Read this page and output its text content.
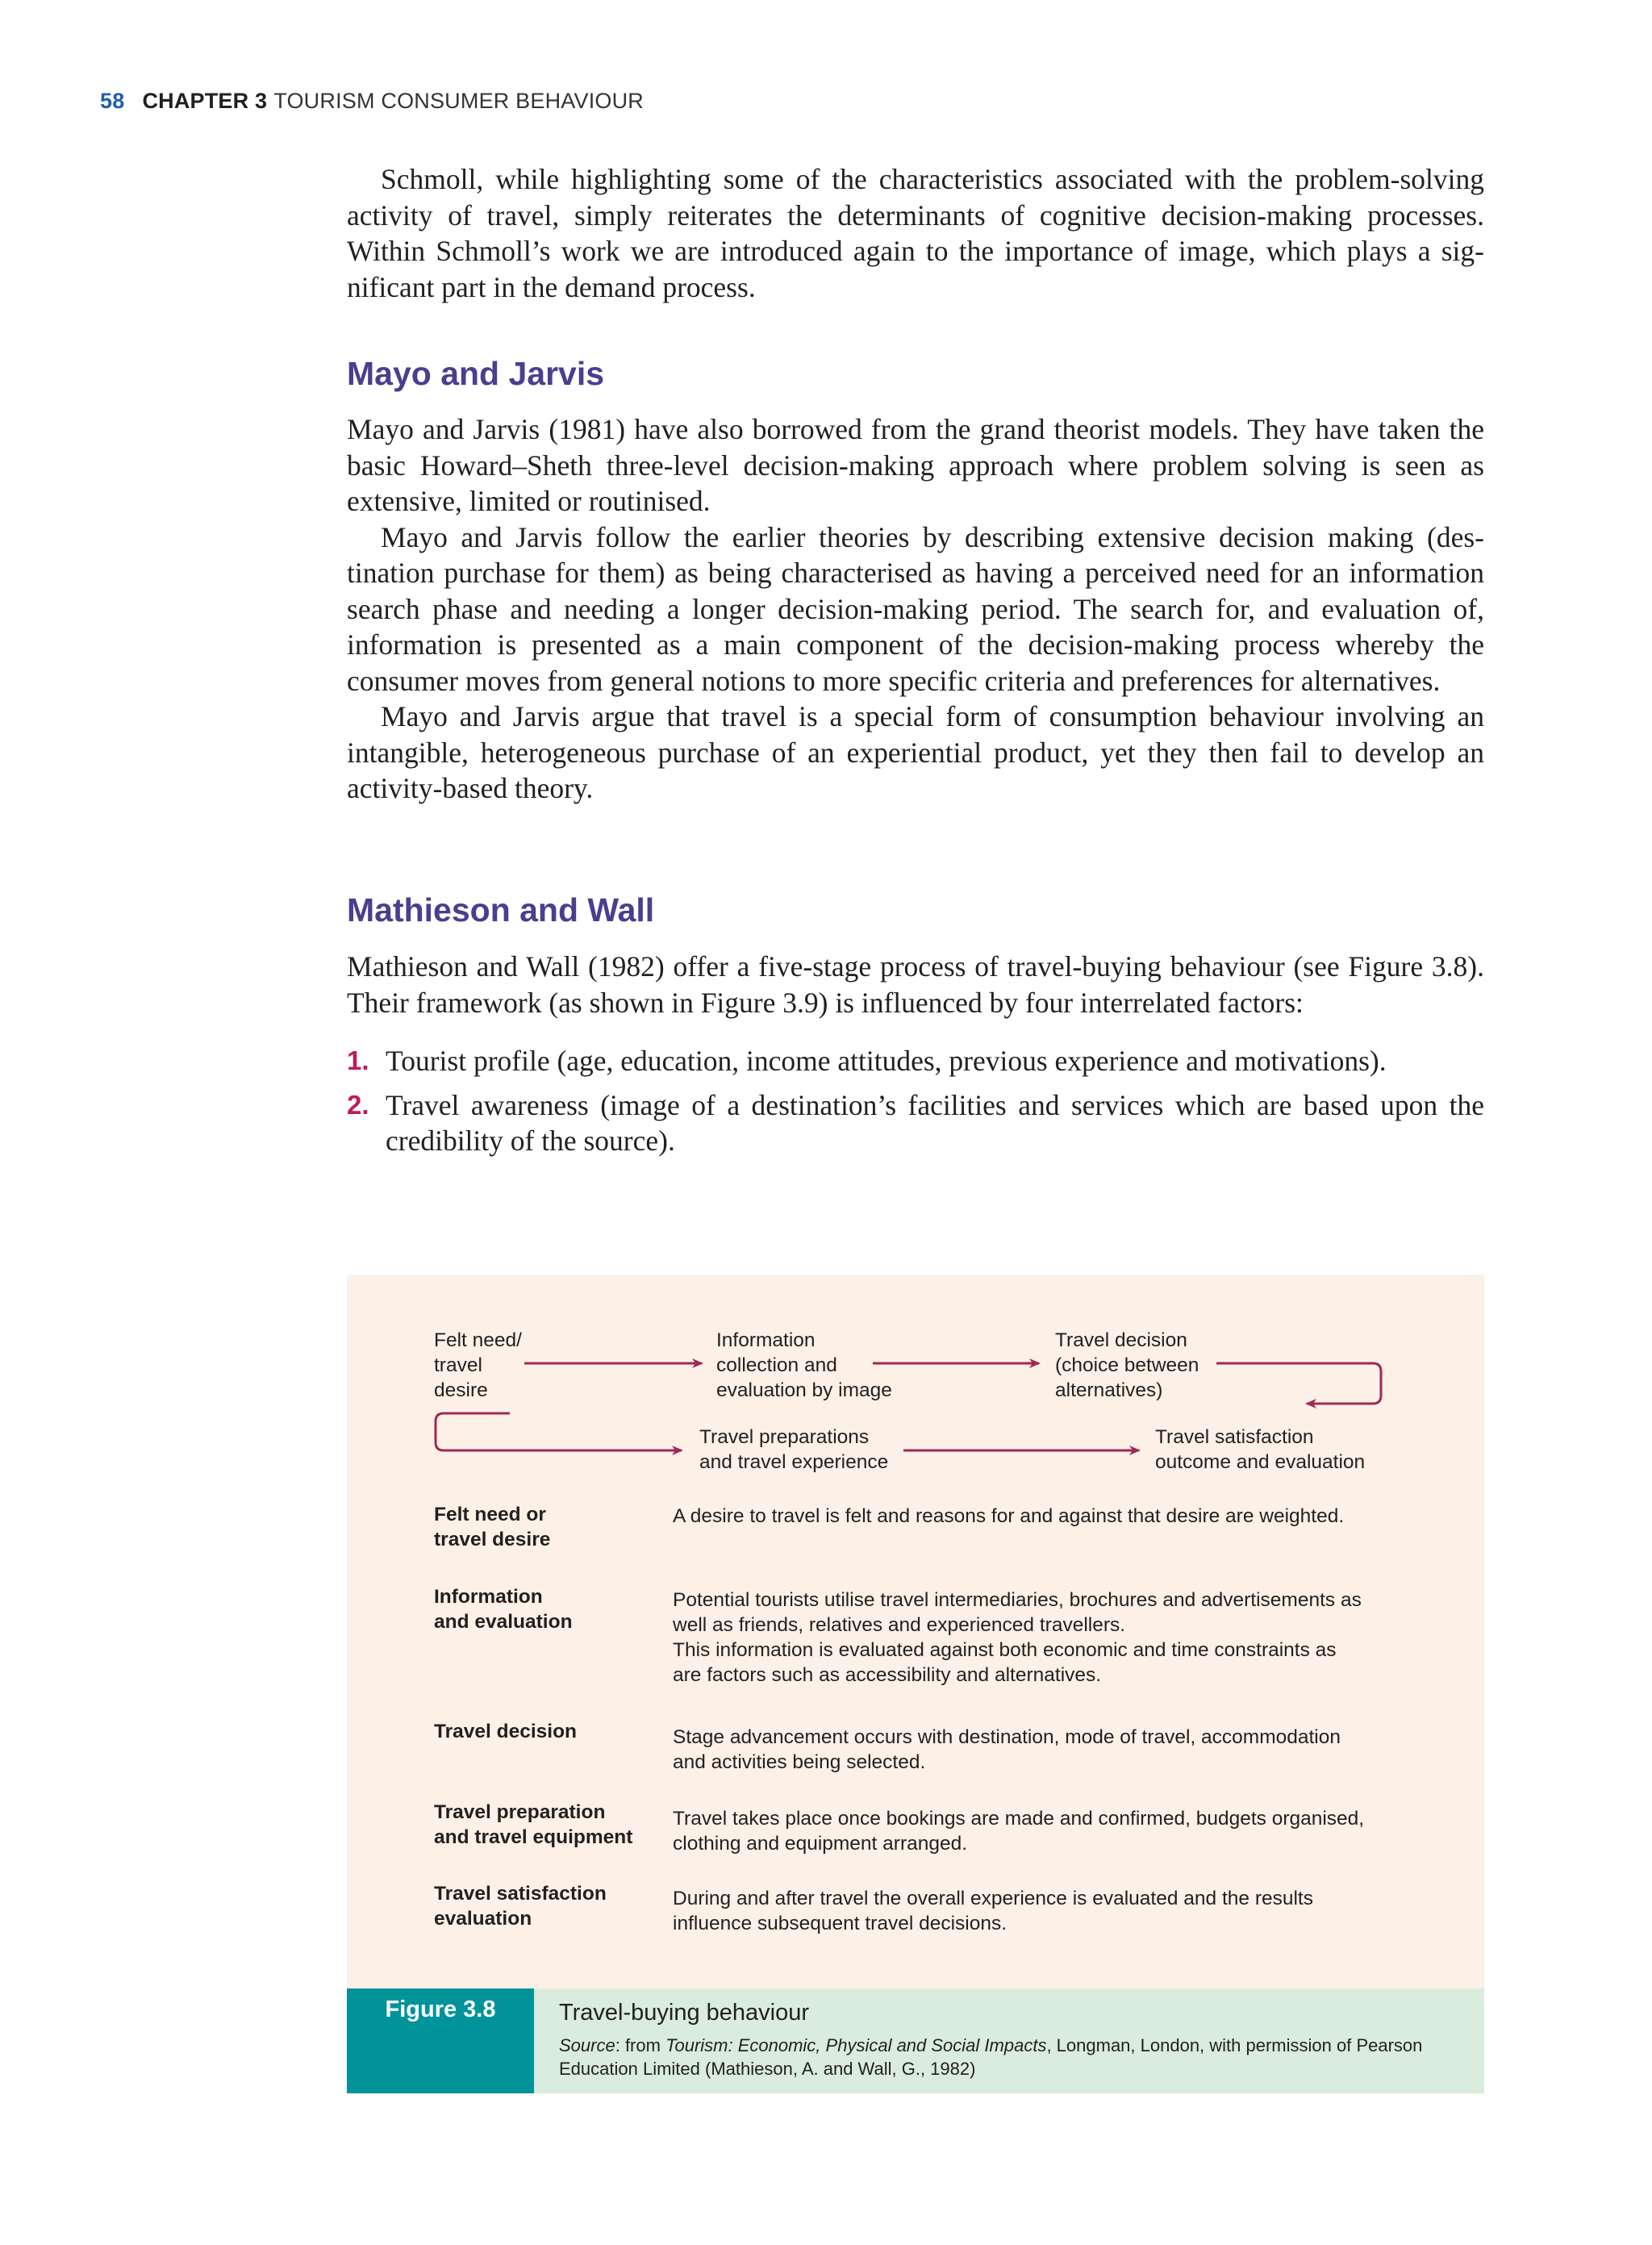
58 CHAPTER 3 TOURISM CONSUMER BEHAVIOUR

Schmoll, while highlighting some of the characteristics associated with the problem-solving activity of travel, simply reiterates the determinants of cognitive decision-making processes. Within Schmoll’s work we are introduced again to the importance of image, which plays a significant part in the demand process.

Mayo and Jarvis

Mayo and Jarvis (1981) have also borrowed from the grand theorist models. They have taken the basic Howard–Sheth three-level decision-making approach where problem solving is seen as extensive, limited or routinised.

Mayo and Jarvis follow the earlier theories by describing extensive decision making (destination purchase for them) as being characterised as having a perceived need for an information search phase and needing a longer decision-making period. The search for, and evaluation of, information is presented as a main component of the decision-making process whereby the consumer moves from general notions to more specific criteria and preferences for alternatives.

Mayo and Jarvis argue that travel is a special form of consumption behaviour involving an intangible, heterogeneous purchase of an experiential product, yet they then fail to develop an activity-based theory.

Mathieson and Wall

Mathieson and Wall (1982) offer a five-stage process of travel-buying behaviour (see Figure 3.8). Their framework (as shown in Figure 3.9) is influenced by four interrelated factors:

1. Tourist profile (age, education, income attitudes, previous experience and motivations).
2. Travel awareness (image of a destination’s facilities and services which are based upon the credibility of the source).
Felt need/
travel
desire
Information
collection and
evaluation by image
Travel decision
(choice between
alternatives)
Travel preparations
and travel experience
Travel satisfaction
outcome and evaluation
Felt need or
travel desire
A desire to travel is felt and reasons for and against that desire are weighted.
Information
and evaluation
Potential tourists utilise travel intermediaries, brochures and advertisements as
well as friends, relatives and experienced travellers.
This information is evaluated against both economic and time constraints as
are factors such as accessibility and alternatives.
Travel decision	Stage advancement occurs with destination, mode of travel, accommodation
and activities being selected.
Travel preparation
and travel equipment
Travel takes place once bookings are made and confirmed, budgets organised,
clothing and equipment arranged.
Travel satisfaction
evaluation
During and after travel the overall experience is evaluated and the results
influence subsequent travel decisions.
Figure 3.8	Travel-buying behaviour
Source: from Tourism: Economic, Physical and Social Impacts, Longman, London, with permission of Pearson Education Limited (Mathieson, A. and Wall, G., 1982)
